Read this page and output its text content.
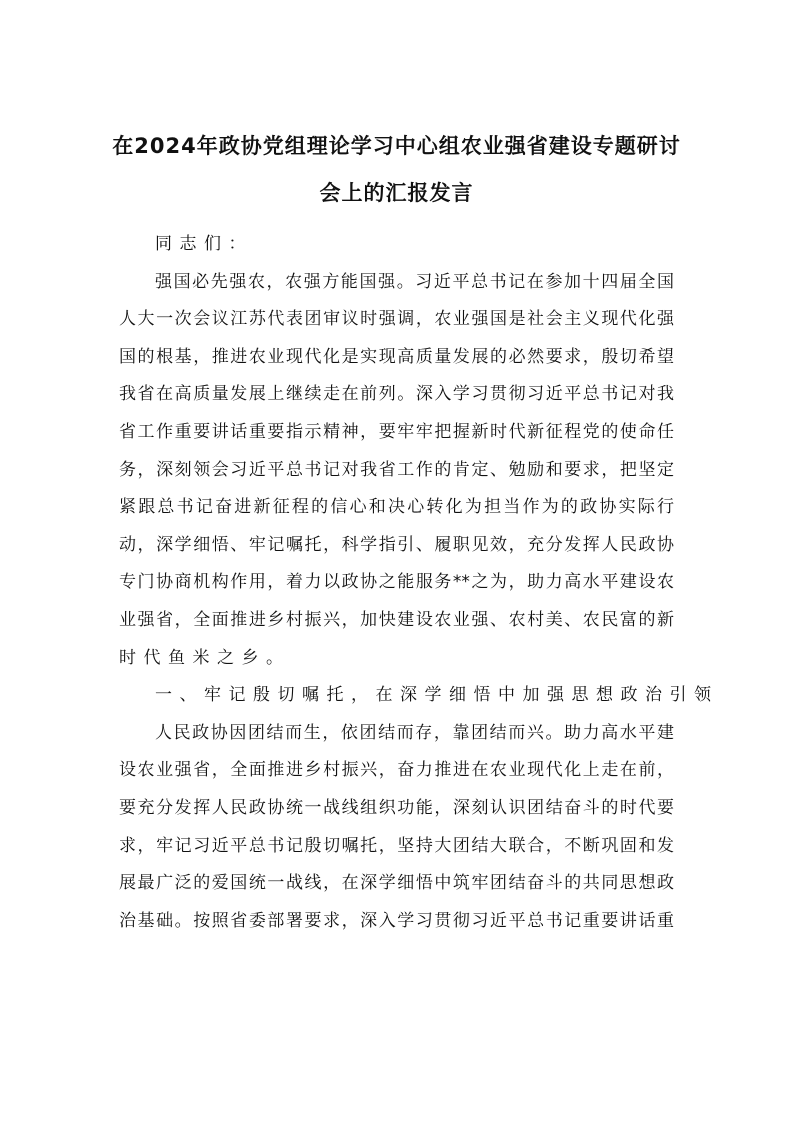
在2024年政协党组理论学习中心组农业强省建设专题研讨
会上的汇报发言
同志们：
强国必先强农，农强方能国强。习近平总书记在参加十四届全国
人大一次会议江苏代表团审议时强调，农业强国是社会主义现代化强
国的根基，推进农业现代化是实现高质量发展的必然要求，殷切希望
我省在高质量发展上继续走在前列。深入学习贯彻习近平总书记对我
省工作重要讲话重要指示精神，要牢牢把握新时代新征程党的使命任
务，深刻领会习近平总书记对我省工作的肯定、勉励和要求，把坚定
紧跟总书记奋进新征程的信心和决心转化为担当作为的政协实际行
动，深学细悟、牢记嘱托，科学指引、履职见效，充分发挥人民政协
专门协商机构作用，着力以政协之能服务**之为，助力高水平建设农
业强省，全面推进乡村振兴，加快建设农业强、农村美、农民富的新
时代鱼米之乡。
一、牢记殷切嘱托，在深学细悟中加强思想政治引领
人民政协因团结而生，依团结而存，靠团结而兴。助力高水平建
设农业强省，全面推进乡村振兴，奋力推进在农业现代化上走在前，
要充分发挥人民政协统一战线组织功能，深刻认识团结奋斗的时代要
求，牢记习近平总书记殷切嘱托，坚持大团结大联合，不断巩固和发
展最广泛的爱国统一战线，在深学细悟中筑牢团结奋斗的共同思想政
治基础。按照省委部署要求，深入学习贯彻习近平总书记重要讲话重
